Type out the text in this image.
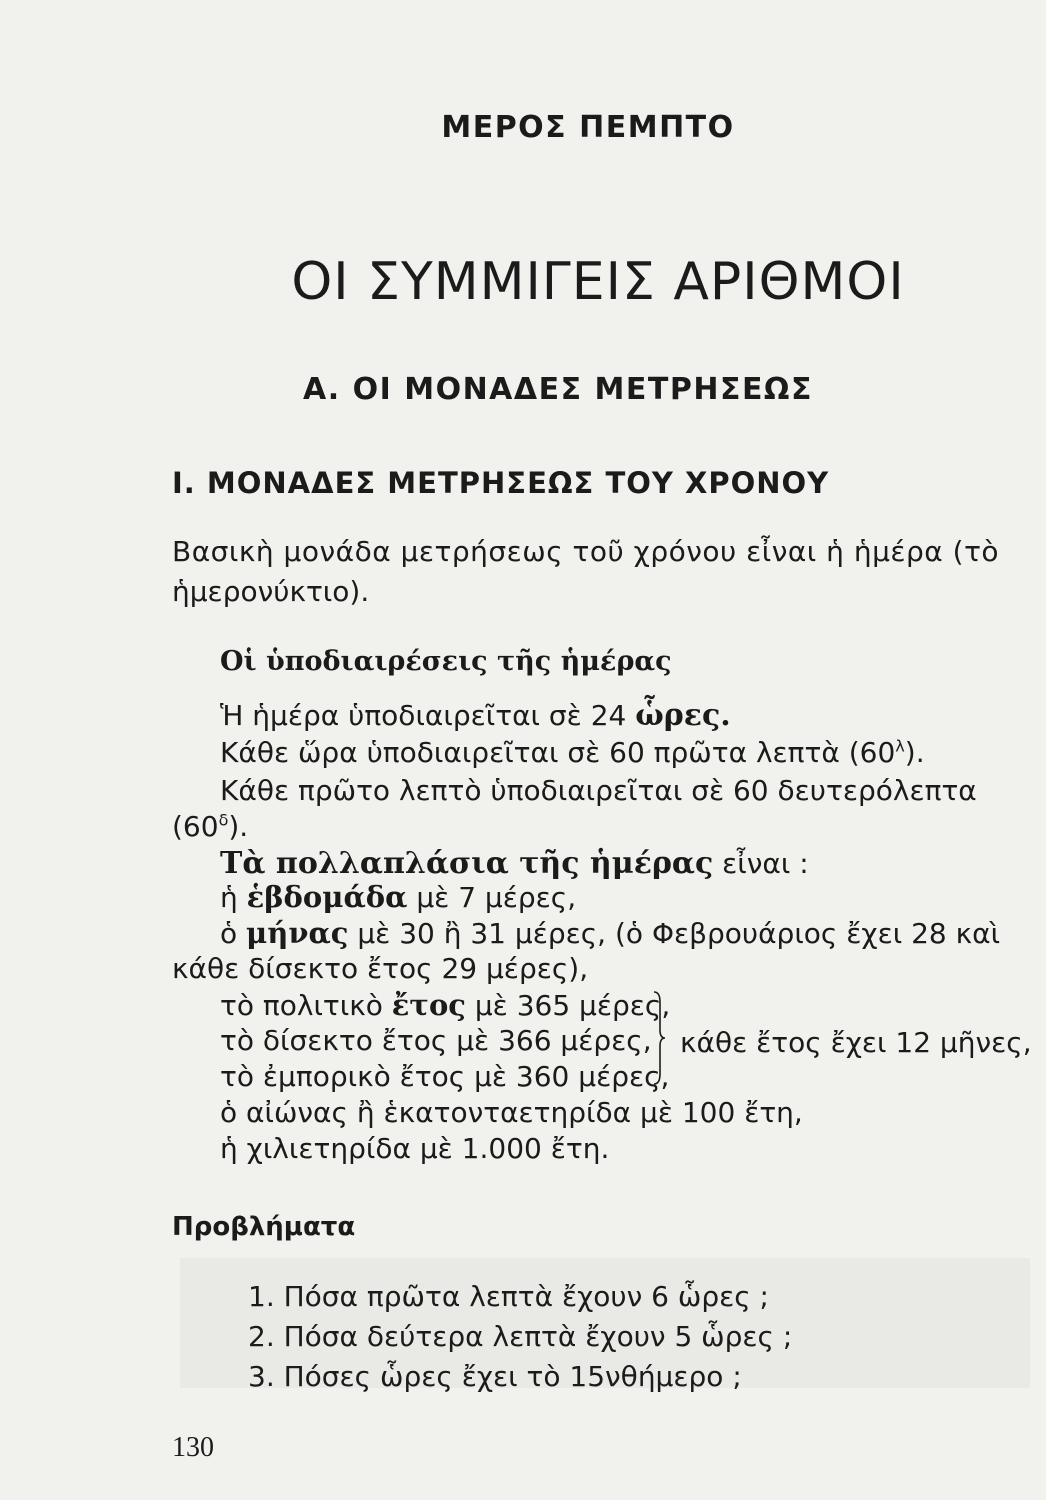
ΜΕΡΟΣ ΠΕΜΠΤΟ
ΟΙ ΣΥΜΜΙΓΕΙΣ ΑΡΙΘΜΟΙ
Α. ΟΙ ΜΟΝΑΔΕΣ ΜΕΤΡΗΣΕΩΣ
Ι. ΜΟΝΑΔΕΣ ΜΕΤΡΗΣΕΩΣ ΤΟΥ ΧΡΟΝΟΥ
Βασικὴ μονάδα μετρήσεως τοῦ χρόνου εἶναι ἡ ἡμέρα (τὸ
ἡμερονύκτιο).
Οἱ ὑποδιαιρέσεις τῆς ἡμέρας
Ἡ ἡμέρα ὑποδιαιρεῖται σὲ 24 ὧρες.
Κάθε ὥρα ὑποδιαιρεῖται σὲ 60 πρῶτα λεπτὰ $(60^\lambda)$.
Κάθε πρῶτο λεπτὸ ὑποδιαιρεῖται σὲ 60 δευτερόλεπτα
$(60^\delta)$.
Τὰ πολλαπλάσια τῆς ἡμέρας εἶναι :
ἡ ἑβδομάδα μὲ 7 μέρες,
ὁ μήνας μὲ 30 ἢ 31 μέρες, (ὁ Φεβρουάριος ἔχει 28 καὶ
κάθε δίσεκτο ἔτος 29 μέρες),
τὸ πολιτικὸ ἔτος μὲ 365 μέρες,
τὸ δίσεκτο ἔτος μὲ 366 μέρες,
τὸ ἐμπορικὸ ἔτος μὲ 360 μέρες,
κάθε ἔτος ἔχει 12 μῆνες,
ὁ αἰώνας ἢ ἑκατονταετηρίδα μὲ 100 ἔτη,
ἡ χιλιετηρίδα μὲ 1.000 ἔτη.
Προβλήματα
1. Πόσα πρῶτα λεπτὰ ἔχουν 6 ὧρες ;
2. Πόσα δεύτερα λεπτὰ ἔχουν 5 ὧρες ;
3. Πόσες ὧρες ἔχει τὸ 15νθήμερο ;
130
